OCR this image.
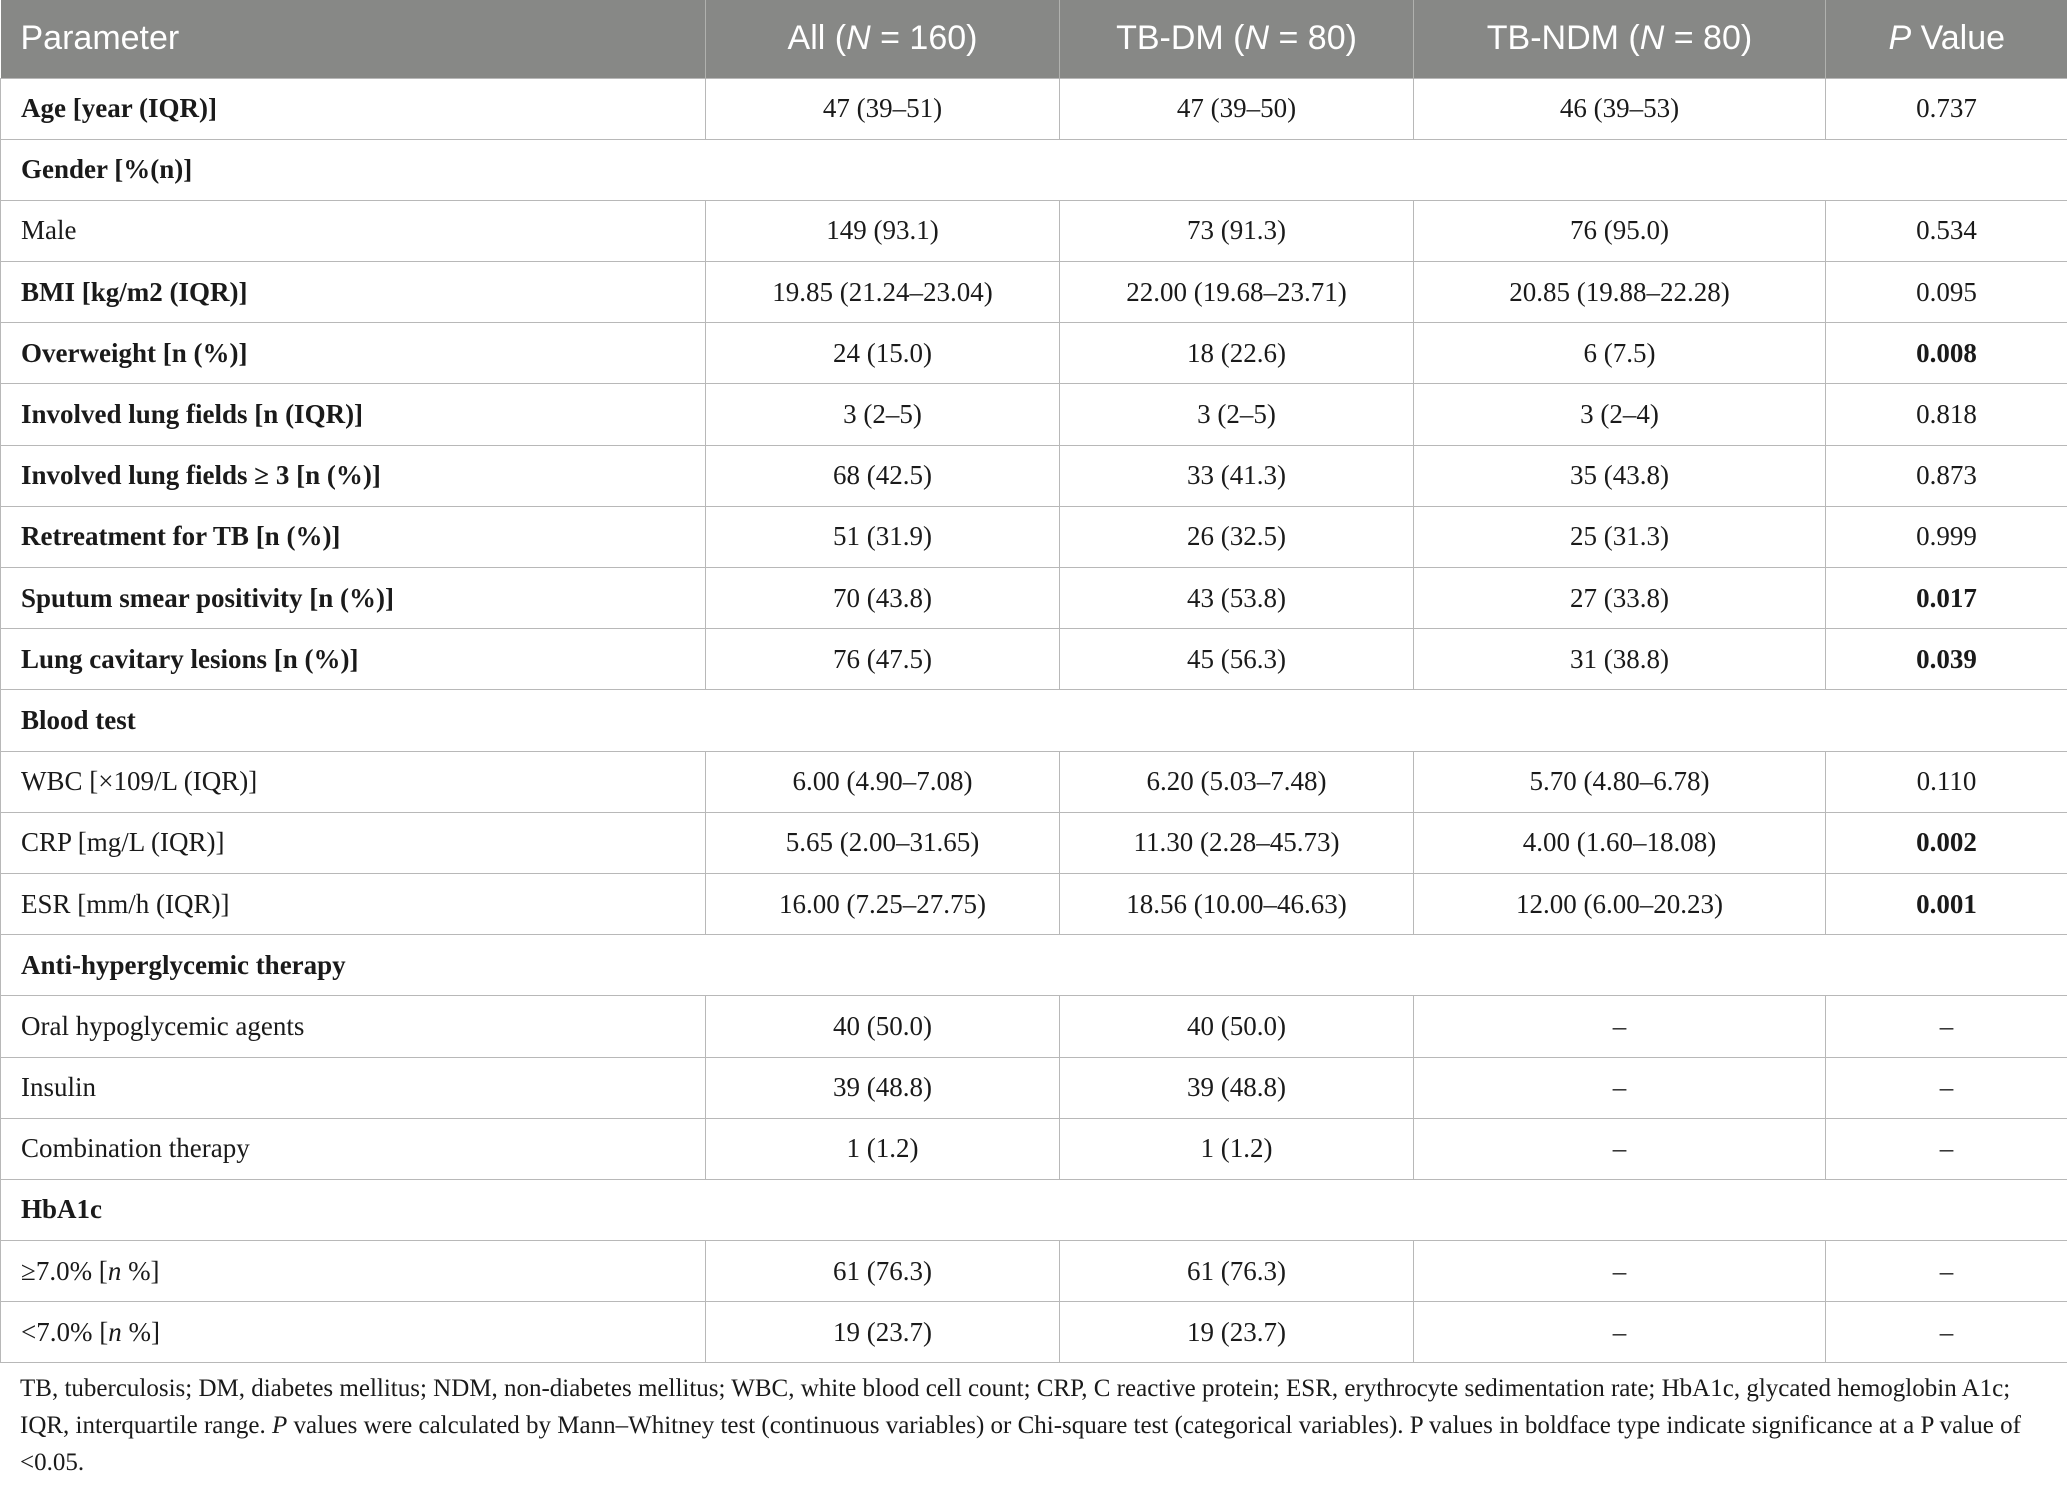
Parameter	All (N = 160)	TB-DM (N = 80)	TB-NDM (N = 80)	P Value
Age [year (IQR)]	47 (39–51)	47 (39–50)	46 (39–53)	0.737
Gender [%(n)]				
Male	149 (93.1)	73 (91.3)	76 (95.0)	0.534
BMI [kg/m2 (IQR)]	19.85 (21.24–23.04)	22.00 (19.68–23.71)	20.85 (19.88–22.28)	0.095
Overweight [n (%)]	24 (15.0)	18 (22.6)	6 (7.5)	0.008
Involved lung fields [n (IQR)]	3 (2–5)	3 (2–5)	3 (2–4)	0.818
Involved lung fields ≥ 3 [n (%)]	68 (42.5)	33 (41.3)	35 (43.8)	0.873
Retreatment for TB [n (%)]	51 (31.9)	26 (32.5)	25 (31.3)	0.999
Sputum smear positivity [n (%)]	70 (43.8)	43 (53.8)	27 (33.8)	0.017
Lung cavitary lesions [n (%)]	76 (47.5)	45 (56.3)	31 (38.8)	0.039
Blood test				
WBC [×109/L (IQR)]	6.00 (4.90–7.08)	6.20 (5.03–7.48)	5.70 (4.80–6.78)	0.110
CRP [mg/L (IQR)]	5.65 (2.00–31.65)	11.30 (2.28–45.73)	4.00 (1.60–18.08)	0.002
ESR [mm/h (IQR)]	16.00 (7.25–27.75)	18.56 (10.00–46.63)	12.00 (6.00–20.23)	0.001
Anti-hyperglycemic therapy				
Oral hypoglycemic agents	40 (50.0)	40 (50.0)	–	–
Insulin	39 (48.8)	39 (48.8)	–	–
Combination therapy	1 (1.2)	1 (1.2)	–	–
HbA1c				
≥7.0% [n %]	61 (76.3)	61 (76.3)	–	–
<7.0% [n %]	19 (23.7)	19 (23.7)	–	–
TB, tuberculosis; DM, diabetes mellitus; NDM, non-diabetes mellitus; WBC, white blood cell count; CRP, C reactive protein; ESR, erythrocyte sedimentation rate; HbA1c, glycated hemoglobin A1c; IQR, interquartile range. P values were calculated by Mann–Whitney test (continuous variables) or Chi-square test (categorical variables). P values in boldface type indicate significance at a P value of <0.05.
